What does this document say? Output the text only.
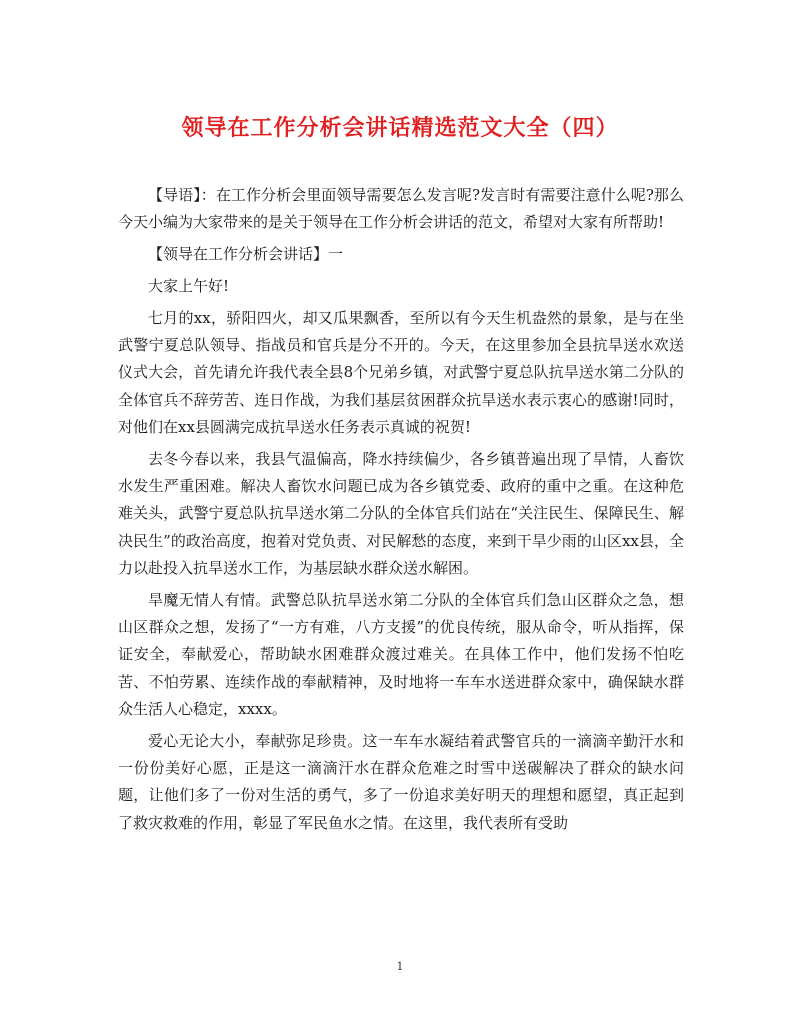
领导在工作分析会讲话精选范文大全（四）

【导语】：在工作分析会里面领导需要怎么发言呢?发言时有需要注意什么呢?那么今天小编为大家带来的是关于领导在工作分析会讲话的范文，希望对大家有所帮助!

【领导在工作分析会讲话】一

大家上午好!

七月的xx，骄阳四火，却又瓜果飘香，至所以有今天生机盎然的景象，是与在坐武警宁夏总队领导、指战员和官兵是分不开的。今天，在这里参加全县抗旱送水欢送仪式大会，首先请允许我代表全县8个兄弟乡镇，对武警宁夏总队抗旱送水第二分队的全体官兵不辞劳苦、连日作战，为我们基层贫困群众抗旱送水表示衷心的感谢!同时，对他们在xx县圆满完成抗旱送水任务表示真诚的祝贺!

去冬今春以来，我县气温偏高，降水持续偏少，各乡镇普遍出现了旱情，人畜饮水发生严重困难。解决人畜饮水问题已成为各乡镇党委、政府的重中之重。在这种危难关头，武警宁夏总队抗旱送水第二分队的全体官兵们站在“关注民生、保障民生、解决民生”的政治高度，抱着对党负责、对民解愁的态度，来到干旱少雨的山区xx县，全力以赴投入抗旱送水工作，为基层缺水群众送水解困。

旱魔无情人有情。武警总队抗旱送水第二分队的全体官兵们急山区群众之急，想山区群众之想，发扬了“一方有难，八方支援”的优良传统，服从命令，听从指挥，保证安全，奉献爱心，帮助缺水困难群众渡过难关。在具体工作中，他们发扬不怕吃苦、不怕劳累、连续作战的奉献精神，及时地将一车车水送进群众家中，确保缺水群众生活人心稳定，xxxx。

爱心无论大小，奉献弥足珍贵。这一车车水凝结着武警官兵的一滴滴辛勤汗水和一份份美好心愿，正是这一滴滴汗水在群众危难之时雪中送碳解决了群众的缺水问题，让他们多了一份对生活的勇气，多了一份追求美好明天的理想和愿望，真正起到了救灾救难的作用，彰显了军民鱼水之情。在这里，我代表所有受助

1
